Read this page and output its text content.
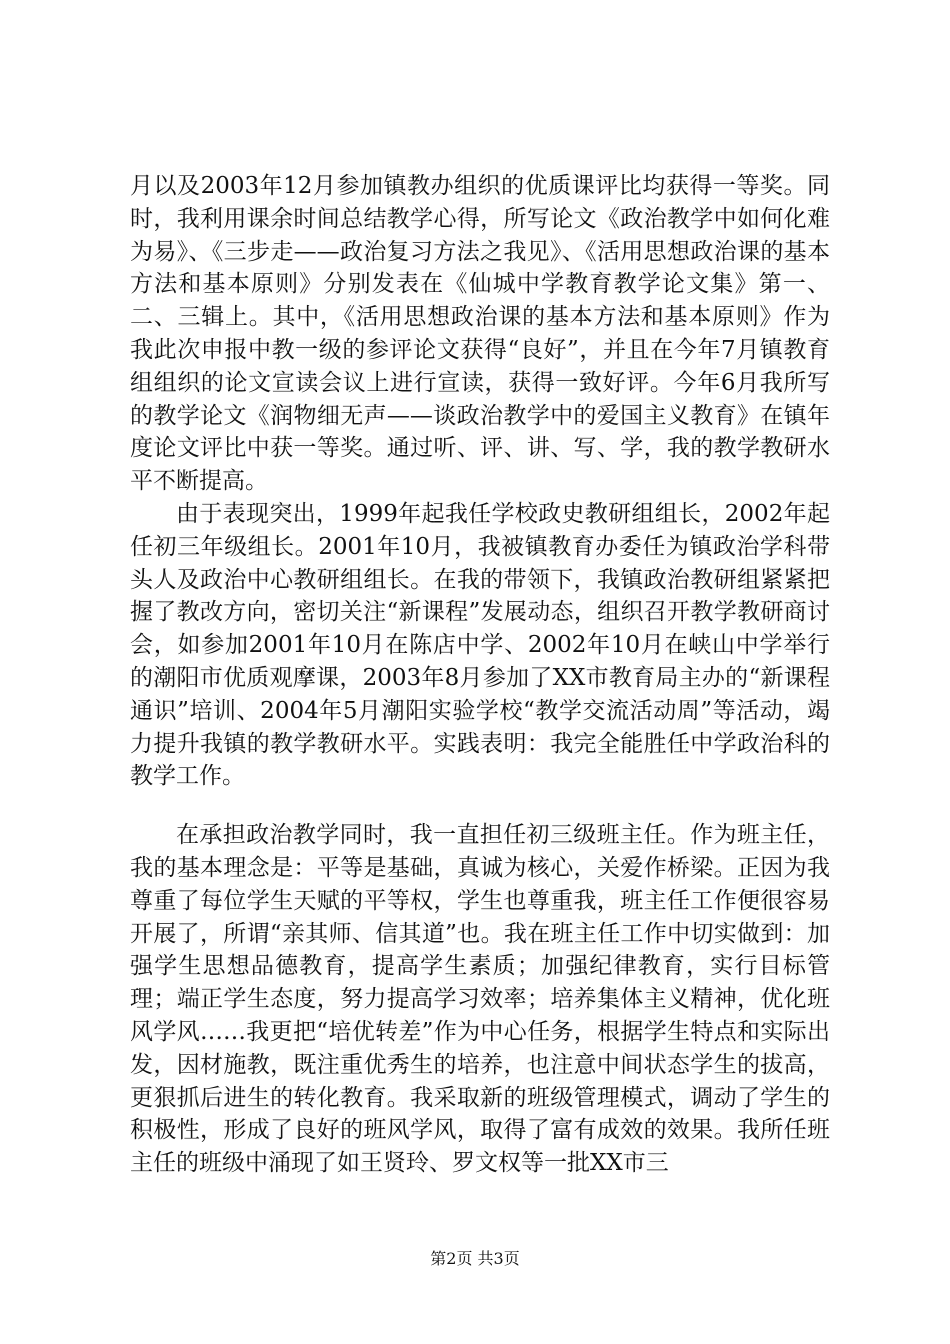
月以及2003年12月参加镇教办组织的优质课评比均获得一等奖。同时，我利用课余时间总结教学心得，所写论文《政治教学中如何化难为易》、《三步走——政治复习方法之我见》、《活用思想政治课的基本方法和基本原则》分别发表在《仙城中学教育教学论文集》第一、二、三辑上。其中，《活用思想政治课的基本方法和基本原则》作为我此次申报中教一级的参评论文获得“良好”，并且在今年7月镇教育组组织的论文宣读会议上进行宣读，获得一致好评。今年6月我所写的教学论文《润物细无声——谈政治教学中的爱国主义教育》在镇年度论文评比中获一等奖。通过听、评、讲、写、学，我的教学教研水平不断提高。

由于表现突出，1999年起我任学校政史教研组组长，2002年起任初三年级组长。2001年10月，我被镇教育办委任为镇政治学科带头人及政治中心教研组组长。在我的带领下，我镇政治教研组紧紧把握了教改方向，密切关注“新课程”发展动态，组织召开教学教研商讨会，如参加2001年10月在陈店中学、2002年10月在峡山中学举行的潮阳市优质观摩课，2003年8月参加了XX市教育局主办的“新课程通识”培训、2004年5月潮阳实验学校“教学交流活动周”等活动，竭力提升我镇的教学教研水平。实践表明：我完全能胜任中学政治科的教学工作。

在承担政治教学同时，我一直担任初三级班主任。作为班主任，我的基本理念是：平等是基础，真诚为核心，关爱作桥梁。正因为我尊重了每位学生天赋的平等权，学生也尊重我，班主任工作便很容易开展了，所谓“亲其师、信其道”也。我在班主任工作中切实做到：加强学生思想品德教育，提高学生素质；加强纪律教育，实行目标管理；端正学生态度，努力提高学习效率；培养集体主义精神，优化班风学风……我更把“培优转差”作为中心任务，根据学生特点和实际出发，因材施教，既注重优秀生的培养，也注意中间状态学生的拔高，更狠抓后进生的转化教育。我采取新的班级管理模式，调动了学生的积极性，形成了良好的班风学风，取得了富有成效的效果。我所任班主任的班级中涌现了如王贤玲、罗文权等一批XX市三

第2页 共3页
